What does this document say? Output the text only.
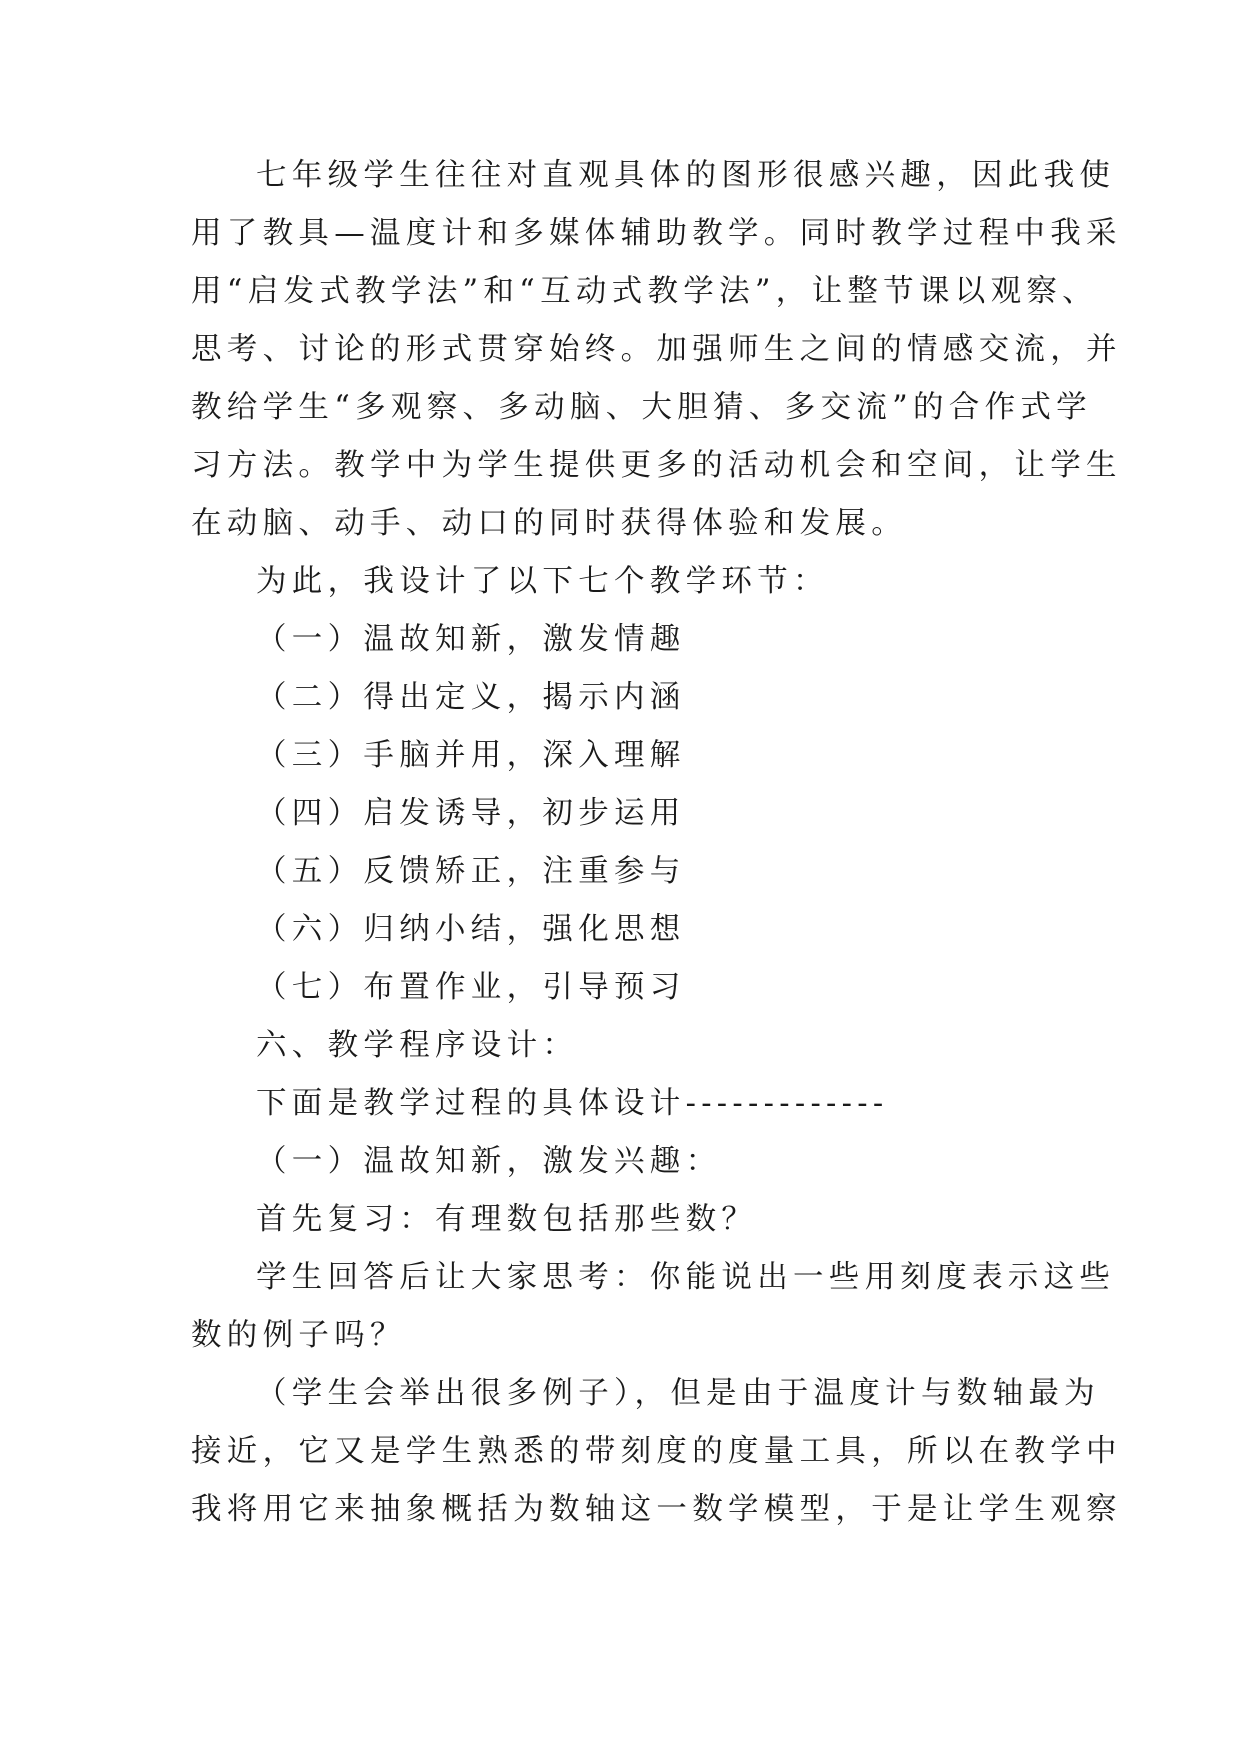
七年级学生往往对直观具体的图形很感兴趣，因此我使
用了教具—温度计和多媒体辅助教学。同时教学过程中我采
用“启发式教学法”和“互动式教学法”，让整节课以观察、
思考、讨论的形式贯穿始终。加强师生之间的情感交流，并
教给学生“多观察、多动脑、大胆猜、多交流”的合作式学
习方法。教学中为学生提供更多的活动机会和空间，让学生
在动脑、动手、动口的同时获得体验和发展。
为此，我设计了以下七个教学环节：
（一）温故知新，激发情趣
（二）得出定义，揭示内涵
（三）手脑并用，深入理解
（四）启发诱导，初步运用
（五）反馈矫正，注重参与
（六）归纳小结，强化思想
（七）布置作业，引导预习
六、教学程序设计：
下面是教学过程的具体设计-------------
（一）温故知新，激发兴趣：
首先复习：有理数包括那些数？
学生回答后让大家思考：你能说出一些用刻度表示这些
数的例子吗？
（学生会举出很多例子），但是由于温度计与数轴最为
接近，它又是学生熟悉的带刻度的度量工具，所以在教学中
我将用它来抽象概括为数轴这一数学模型，于是让学生观察
